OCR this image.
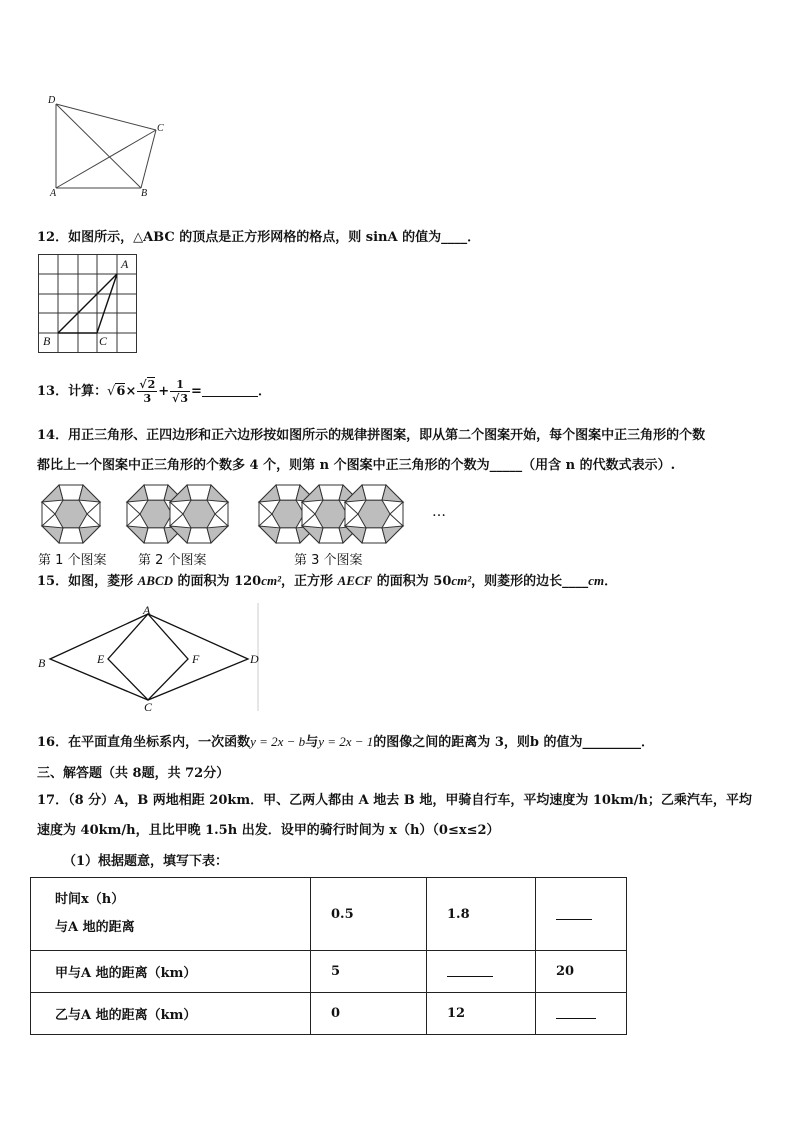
D
C
A	B
12．如图所示，△ABC 的顶点是正方形网格的格点，则 sinA 的值为____．
A
B	C
13．计算：$√6\times \frac{√2}{3} + \frac{1}{√3}$ =	．
14．用正三角形、正四边形和正六边形按如图所示的规律拼图案，即从第二个图案开始，每个图案中正三角形的个数
都比上一个图案中正三角形的个数多 4 个，则第 n 个图案中正三角形的个数为_____（用含 n 的代数式表示）.
…
第 1 个图案 第 2 个图案	第 3 个图案
15．如图，菱形 ABCD 的面积为 120cm²，正方形 AECF 的面积为 50cm²，则菱形的边长____cm．
A
B
C
D
E	F
16．在平面直角坐标系内，一次函数y = 2x − b与y = 2x − 1的图像之间的距离为 3，则b 的值为_________．
三、解答题（共 8题，共 72分）
17．（8 分）A，B 两地相距 20km．甲、乙两人都由 A 地去 B 地，甲骑自行车，平均速度为 10km/h；乙乘汽车，平均速度为 40km/h，且比甲晚 1.5h 出发．设甲的骑行时间为 x（h）（0≤x≤2）
（1）根据题意，填写下表：
时间x（h）
与A 地的距离	0.5	1.8	
甲与A 地的距离（km）	5		20
乙与A 地的距离（km）	0	12	
